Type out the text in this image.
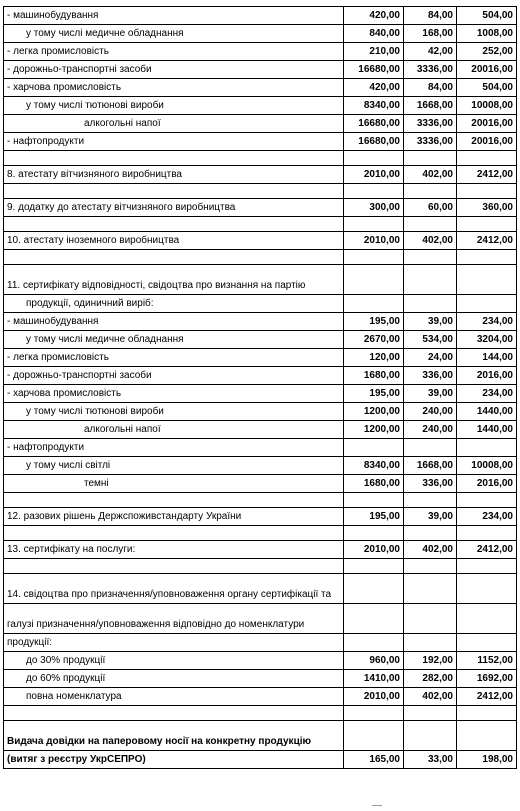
- машинобудування	420,00	84,00	504,00
у тому числі медичне обладнання	840,00	168,00	1008,00
- легка промисловість	210,00	42,00	252,00
- дорожньо-транспортні засоби	16680,00	3336,00	20016,00
- харчова промисловість	420,00	84,00	504,00
у тому числі тютюнові вироби	8340,00	1668,00	10008,00
алкогольні напої	16680,00	3336,00	20016,00
- нафтопродукти	16680,00	3336,00	20016,00

8. атестату вітчизняного виробництва	2010,00	402,00	2412,00

9. додатку до атестату вітчизняного виробництва	300,00	60,00	360,00

10. атестату іноземного виробництва	2010,00	402,00	2412,00

11. сертифікату відповідності, свідоцтва про визнання на партію			
продукції, одиничний виріб:			
- машинобудування	195,00	39,00	234,00
у тому числі медичне обладнання	2670,00	534,00	3204,00
- легка промисловість	120,00	24,00	144,00
- дорожньо-транспортні засоби	1680,00	336,00	2016,00
- харчова промисловість	195,00	39,00	234,00
у тому числі тютюнові вироби	1200,00	240,00	1440,00
алкогольні напої	1200,00	240,00	1440,00
- нафтопродукти			
у тому числі світлі	8340,00	1668,00	10008,00
темні	1680,00	336,00	2016,00

12. разових рішень Держспоживстандарту України	195,00	39,00	234,00

13. сертифікату на послуги:	2010,00	402,00	2412,00

14. свідоцтва про призначення/уповноваження органу сертифікації та			
галузі призначення/уповноваження відповідно до номенклатури			
продукції:			
до 30% продукції	960,00	192,00	1152,00
до 60% продукції	1410,00	282,00	1692,00
повна номенклатура	2010,00	402,00	2412,00

Видача довідки на паперовому носії на конкретну продукцію			
(витяг з реєстру УкрСЕПРО)	165,00	33,00	198,00
